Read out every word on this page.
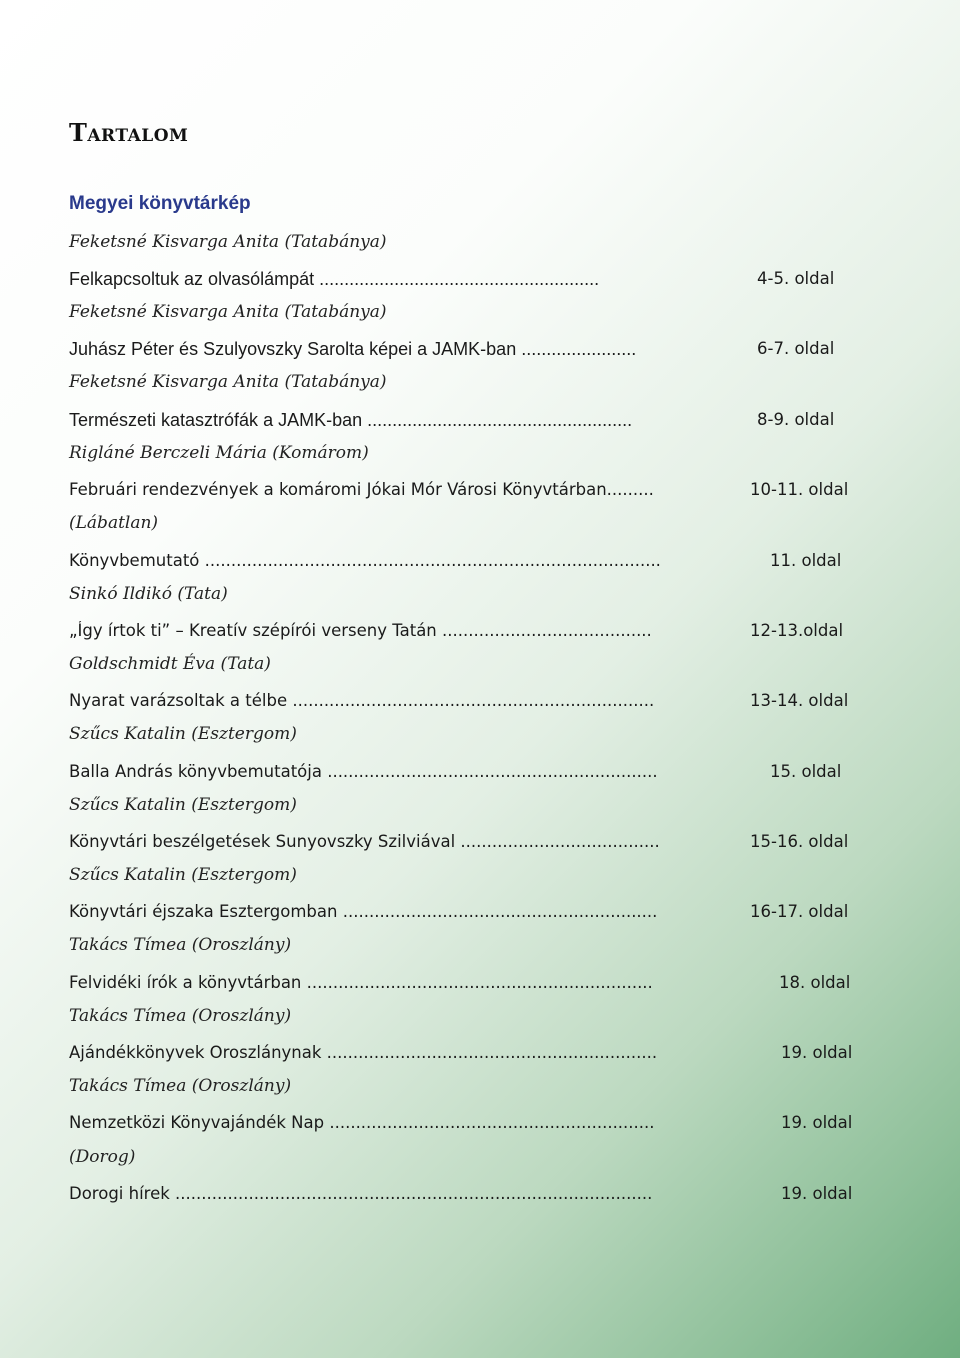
Tartalom
Megyei könyvtárkép
Feketsné Kisvarga Anita (Tatabánya)
Felkapcsoltuk az olvasólámpát ........................................................	4-5. oldal
Feketsné Kisvarga Anita (Tatabánya)
Juhász Péter és Szulyovszky Sarolta képei a JAMK-ban .......................	6-7. oldal
Feketsné Kisvarga Anita (Tatabánya)
Természeti katasztrófák a JAMK-ban .....................................................	8-9. oldal
Rigláné Berczeli Mária (Komárom)
Februári rendezvények a komáromi Jókai Mór Városi Könyvtárban.........	10-11. oldal
(Lábatlan)
Könyvbemutató .......................................................................................	11. oldal
Sinkó Ildikó (Tata)
„Így írtok ti” – Kreatív szépírói verseny Tatán ........................................	12-13.oldal
Goldschmidt Éva (Tata)
Nyarat varázsoltak a télbe .....................................................................	13-14. oldal
Szűcs Katalin (Esztergom)
Balla András könyvbemutatója ...............................................................	15. oldal
Szűcs Katalin (Esztergom)
Könyvtári beszélgetések Sunyovszky Szilviával ......................................	15-16. oldal
Szűcs Katalin (Esztergom)
Könyvtári éjszaka Esztergomban ............................................................	16-17. oldal
Takács Tímea (Oroszlány)
Felvidéki írók a könyvtárban ..................................................................	18. oldal
Takács Tímea (Oroszlány)
Ajándékkönyvek Oroszlánynak ...............................................................	19. oldal
Takács Tímea (Oroszlány)
Nemzetközi Könyvajándék Nap ..............................................................	19. oldal
(Dorog)
Dorogi hírek ...........................................................................................	19. oldal
